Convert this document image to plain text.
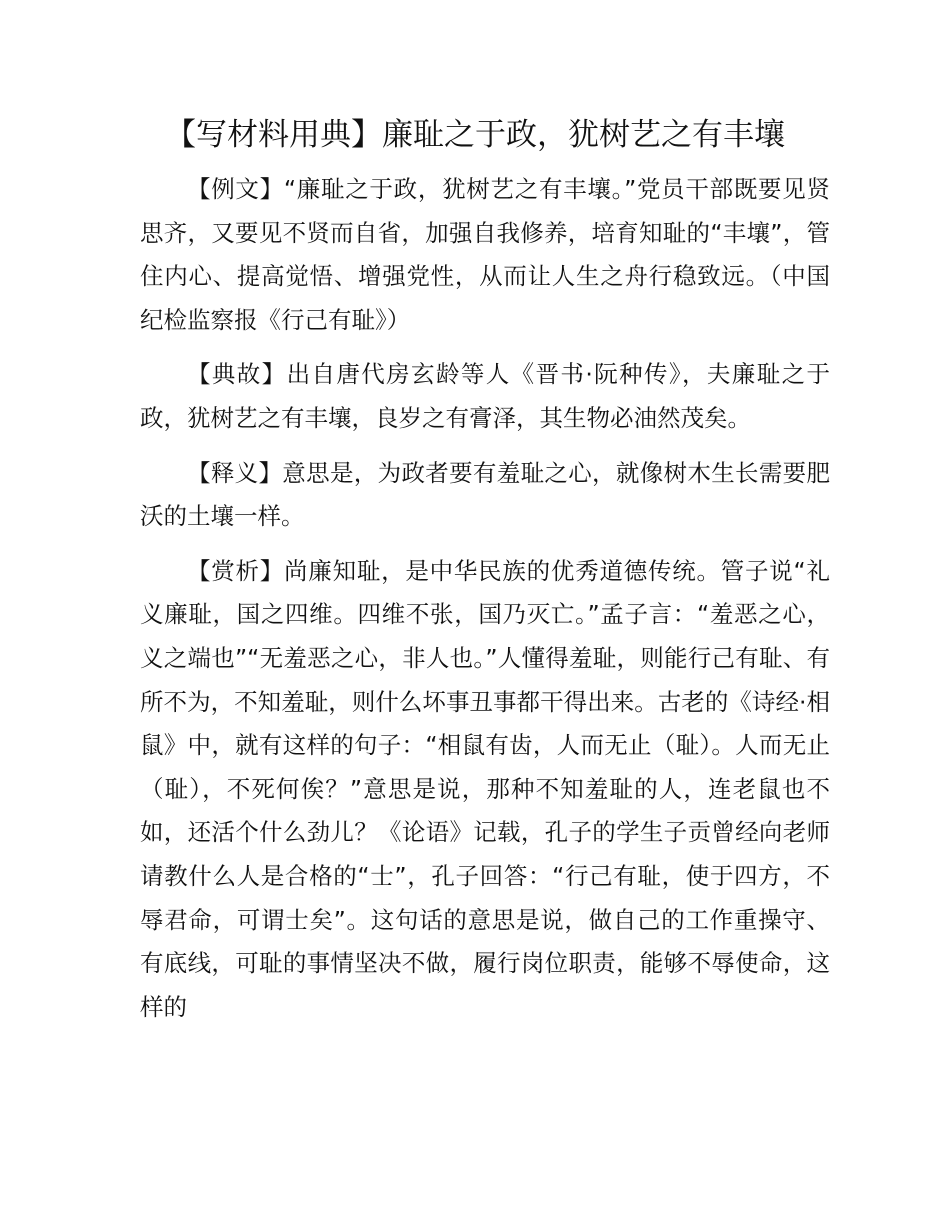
【写材料用典】廉耻之于政，犹树艺之有丰壤

【例文】“廉耻之于政，犹树艺之有丰壤。”党员干部既要见贤思齐，又要见不贤而自省，加强自我修养，培育知耻的“丰壤”，管住内心、提高觉悟、增强党性，从而让人生之舟行稳致远。（中国纪检监察报《行己有耻》）

【典故】出自唐代房玄龄等人《晋书·阮种传》，夫廉耻之于政，犹树艺之有丰壤，良岁之有膏泽，其生物必油然茂矣。

【释义】意思是，为政者要有羞耻之心，就像树木生长需要肥沃的土壤一样。

【赏析】尚廉知耻，是中华民族的优秀道德传统。管子说“礼义廉耻，国之四维。四维不张，国乃灭亡。”孟子言：“羞恶之心，义之端也”“无羞恶之心，非人也。”人懂得羞耻，则能行己有耻、有所不为，不知羞耻，则什么坏事丑事都干得出来。古老的《诗经·相鼠》中，就有这样的句子：“相鼠有齿，人而无止（耻）。人而无止（耻），不死何俟？”意思是说，那种不知羞耻的人，连老鼠也不如，还活个什么劲儿？《论语》记载，孔子的学生子贡曾经向老师请教什么人是合格的“士”，孔子回答：“行己有耻，使于四方，不辱君命，可谓士矣”。这句话的意思是说，做自己的工作重操守、有底线，可耻的事情坚决不做，履行岗位职责，能够不辱使命，这样的
